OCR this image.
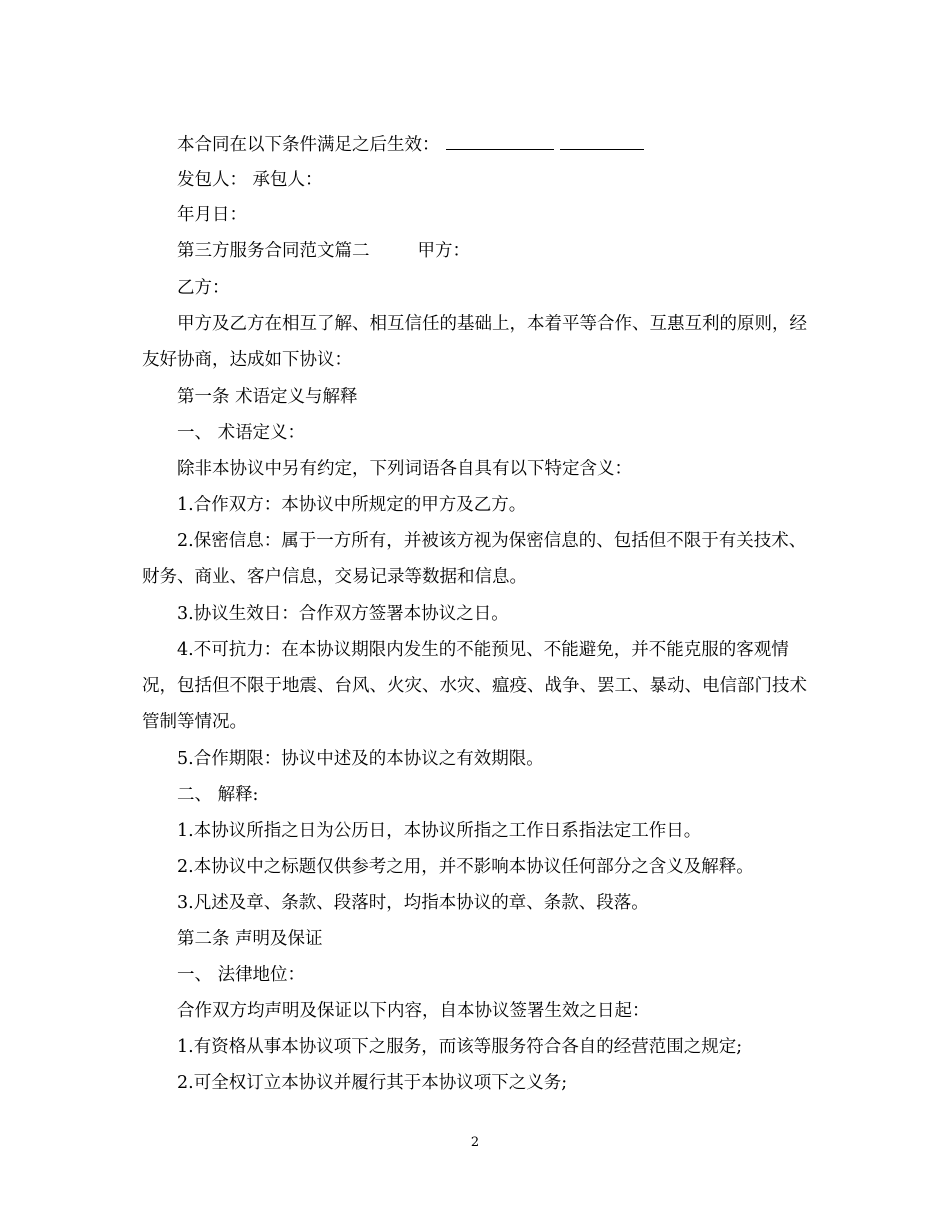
本合同在以下条件满足之后生效：

发包人： 承包人：

年月日：

第三方服务合同范文篇二	甲方：

乙方：

甲方及乙方在相互了解、相互信任的基础上，本着平等合作、互惠互利的原则，经友好协商，达成如下协议：

第一条 术语定义与解释

一、 术语定义：

除非本协议中另有约定，下列词语各自具有以下特定含义：

1.合作双方：本协议中所规定的甲方及乙方。

2.保密信息：属于一方所有，并被该方视为保密信息的、包括但不限于有关技术、财务、商业、客户信息，交易记录等数据和信息。

3.协议生效日：合作双方签署本协议之日。

4.不可抗力：在本协议期限内发生的不能预见、不能避免，并不能克服的客观情况，包括但不限于地震、台风、火灾、水灾、瘟疫、战争、罢工、暴动、电信部门技术管制等情况。

5.合作期限：协议中述及的本协议之有效期限。

二、 解释:

1.本协议所指之日为公历日，本协议所指之工作日系指法定工作日。

2.本协议中之标题仅供参考之用，并不影响本协议任何部分之含义及解释。

3.凡述及章、条款、段落时，均指本协议的章、条款、段落。

第二条 声明及保证

一、 法律地位：

合作双方均声明及保证以下内容，自本协议签署生效之日起：

1.有资格从事本协议项下之服务，而该等服务符合各自的经营范围之规定;

2.可全权订立本协议并履行其于本协议项下之义务;

2
